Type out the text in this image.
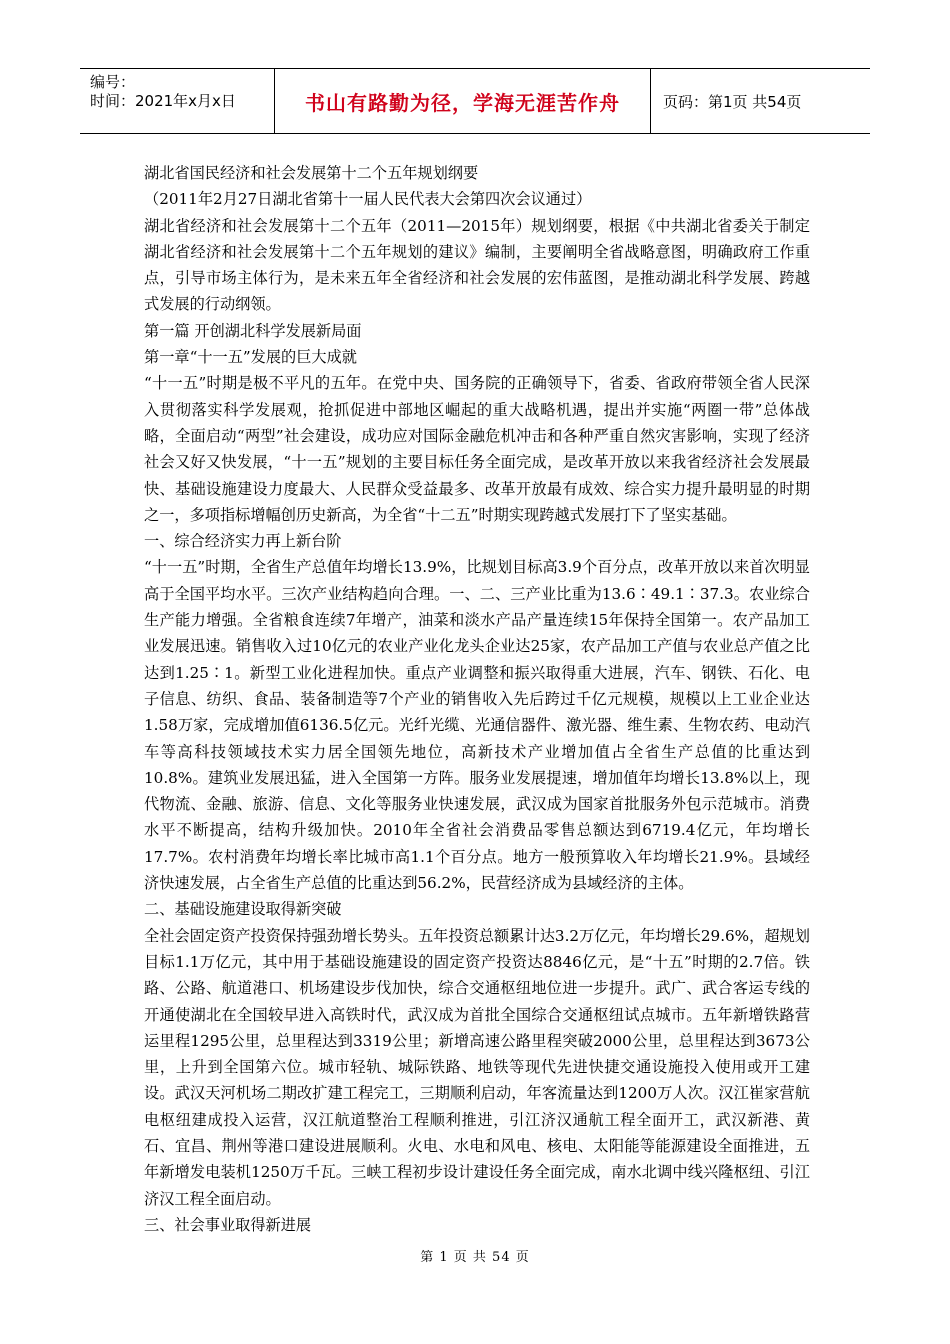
编号：
时间：2021年x月x日	书山有路勤为径，学海无涯苦作舟	页码：第1页 共54页

湖北省国民经济和社会发展第十二个五年规划纲要

（2011年2月27日湖北省第十一届人民代表大会第四次会议通过）

湖北省经济和社会发展第十二个五年（2011—2015年）规划纲要，根据《中共湖北省委关于制定湖北省经济和社会发展第十二个五年规划的建议》编制，主要阐明全省战略意图，明确政府工作重点，引导市场主体行为，是未来五年全省经济和社会发展的宏伟蓝图，是推动湖北科学发展、跨越式发展的行动纲领。

第一篇 开创湖北科学发展新局面

第一章“十一五”发展的巨大成就

“十一五”时期是极不平凡的五年。在党中央、国务院的正确领导下，省委、省政府带领全省人民深入贯彻落实科学发展观，抢抓促进中部地区崛起的重大战略机遇，提出并实施“两圈一带”总体战略，全面启动“两型”社会建设，成功应对国际金融危机冲击和各种严重自然灾害影响，实现了经济社会又好又快发展，“十一五”规划的主要目标任务全面完成，是改革开放以来我省经济社会发展最快、基础设施建设力度最大、人民群众受益最多、改革开放最有成效、综合实力提升最明显的时期之一，多项指标增幅创历史新高，为全省“十二五”时期实现跨越式发展打下了坚实基础。

一、综合经济实力再上新台阶

“十一五”时期，全省生产总值年均增长13.9%，比规划目标高3.9个百分点，改革开放以来首次明显高于全国平均水平。三次产业结构趋向合理。一、二、三产业比重为13.6∶49.1∶37.3。农业综合生产能力增强。全省粮食连续7年增产，油菜和淡水产品产量连续15年保持全国第一。农产品加工业发展迅速。销售收入过10亿元的农业产业化龙头企业达25家，农产品加工产值与农业总产值之比达到1.25∶1。新型工业化进程加快。重点产业调整和振兴取得重大进展，汽车、钢铁、石化、电子信息、纺织、食品、装备制造等7个产业的销售收入先后跨过千亿元规模，规模以上工业企业达1.58万家，完成增加值6136.5亿元。光纤光缆、光通信器件、激光器、维生素、生物农药、电动汽车等高科技领域技术实力居全国领先地位，高新技术产业增加值占全省生产总值的比重达到10.8%。建筑业发展迅猛，进入全国第一方阵。服务业发展提速，增加值年均增长13.8%以上，现代物流、金融、旅游、信息、文化等服务业快速发展，武汉成为国家首批服务外包示范城市。消费水平不断提高，结构升级加快。2010年全省社会消费品零售总额达到6719.4亿元，年均增长17.7%。农村消费年均增长率比城市高1.1个百分点。地方一般预算收入年均增长21.9%。县域经济快速发展，占全省生产总值的比重达到56.2%，民营经济成为县域经济的主体。

二、基础设施建设取得新突破

全社会固定资产投资保持强劲增长势头。五年投资总额累计达3.2万亿元，年均增长29.6%，超规划目标1.1万亿元，其中用于基础设施建设的固定资产投资达8846亿元，是“十五”时期的2.7倍。铁路、公路、航道港口、机场建设步伐加快，综合交通枢纽地位进一步提升。武广、武合客运专线的开通使湖北在全国较早进入高铁时代，武汉成为首批全国综合交通枢纽试点城市。五年新增铁路营运里程1295公里，总里程达到3319公里；新增高速公路里程突破2000公里，总里程达到3673公里，上升到全国第六位。城市轻轨、城际铁路、地铁等现代先进快捷交通设施投入使用或开工建设。武汉天河机场二期改扩建工程完工，三期顺利启动，年客流量达到1200万人次。汉江崔家营航电枢纽建成投入运营，汉江航道整治工程顺利推进，引江济汉通航工程全面开工，武汉新港、黄石、宜昌、荆州等港口建设进展顺利。火电、水电和风电、核电、太阳能等能源建设全面推进，五年新增发电装机1250万千瓦。三峡工程初步设计建设任务全面完成，南水北调中线兴隆枢纽、引江济汉工程全面启动。

三、社会事业取得新进展

第 1 页 共 54 页
